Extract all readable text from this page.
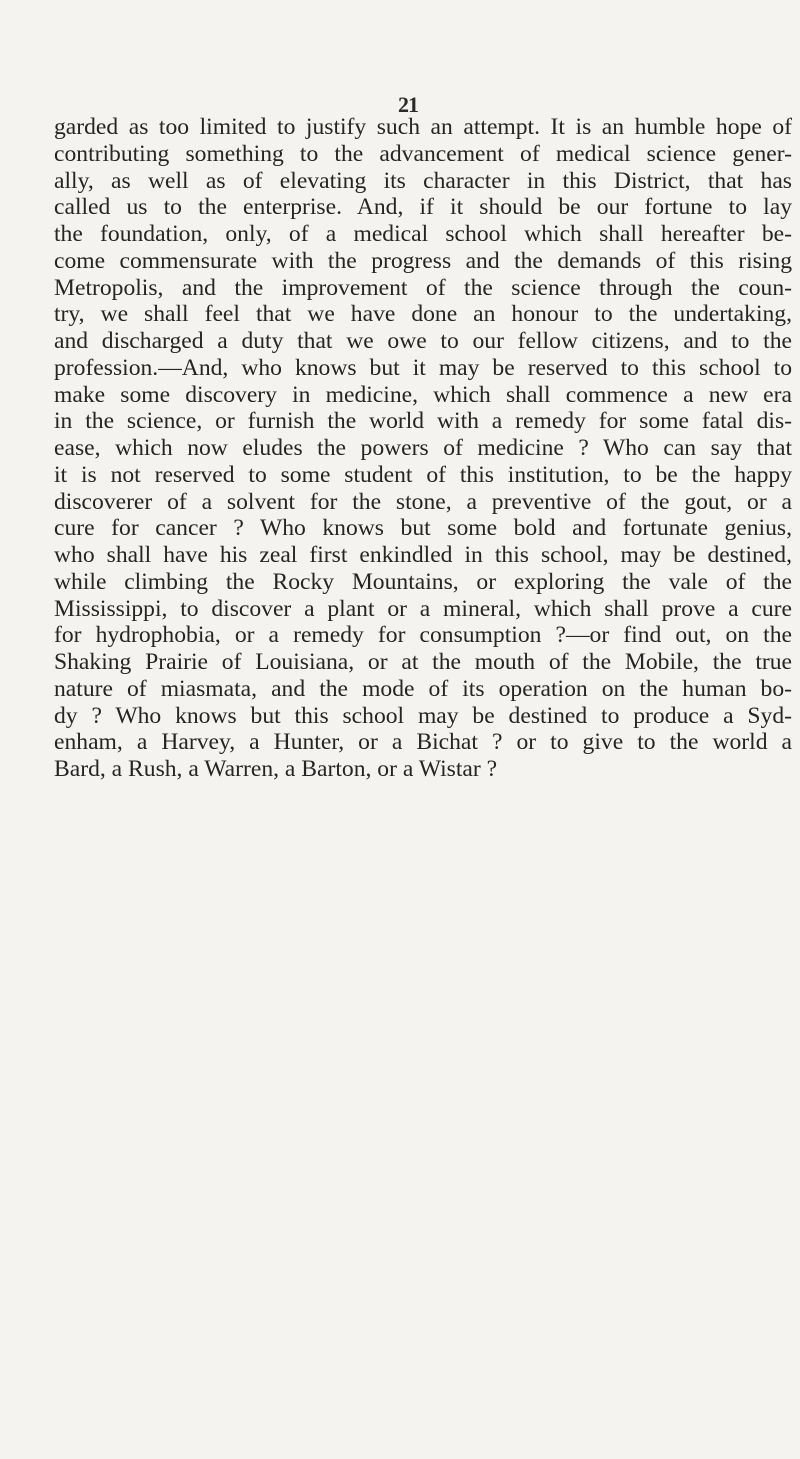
21
garded as too limited to justify such an attempt. It is an humble hope of
contributing something to the advancement of medical science gener-
ally, as well as of elevating its character in this District, that has
called us to the enterprise. And, if it should be our fortune to lay
the foundation, only, of a medical school which shall hereafter be-
come commensurate with the progress and the demands of this rising
Metropolis, and the improvement of the science through the coun-
try, we shall feel that we have done an honour to the undertaking,
and discharged a duty that we owe to our fellow citizens, and to the
profession.—And, who knows but it may be reserved to this school to
make some discovery in medicine, which shall commence a new era
in the science, or furnish the world with a remedy for some fatal dis-
ease, which now eludes the powers of medicine ? Who can say that
it is not reserved to some student of this institution, to be the happy
discoverer of a solvent for the stone, a preventive of the gout, or a
cure for cancer ? Who knows but some bold and fortunate genius,
who shall have his zeal first enkindled in this school, may be destined,
while climbing the Rocky Mountains, or exploring the vale of the
Mississippi, to discover a plant or a mineral, which shall prove a cure
for hydrophobia, or a remedy for consumption ?—or find out, on the
Shaking Prairie of Louisiana, or at the mouth of the Mobile, the true
nature of miasmata, and the mode of its operation on the human bo-
dy ? Who knows but this school may be destined to produce a Syd-
enham, a Harvey, a Hunter, or a Bichat ? or to give to the world a
Bard, a Rush, a Warren, a Barton, or a Wistar ?
